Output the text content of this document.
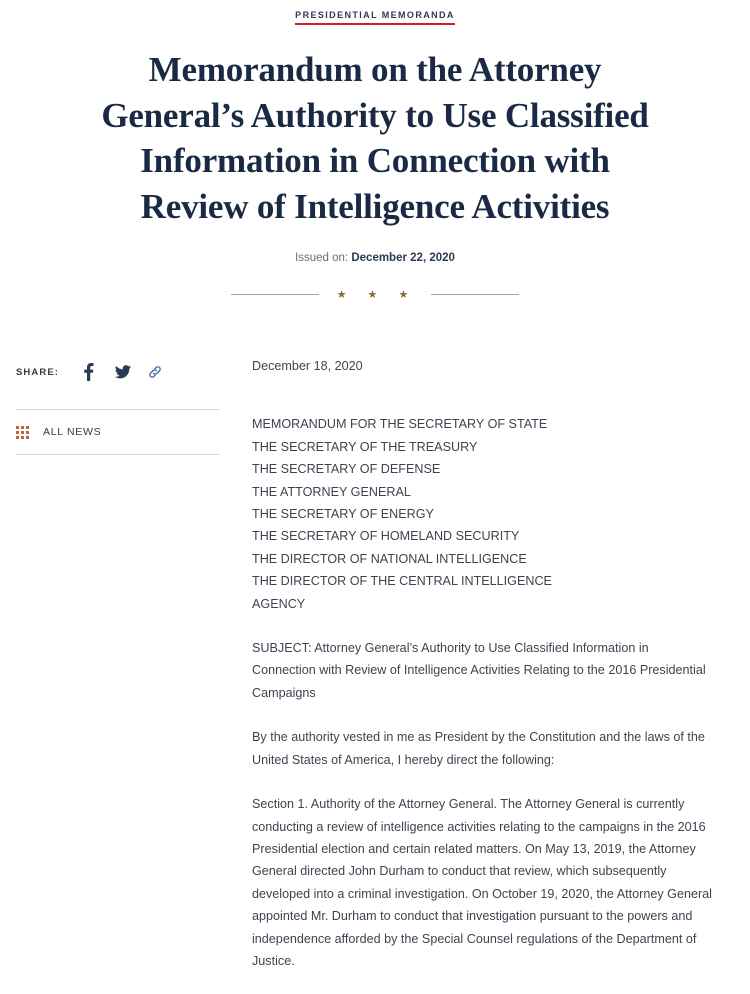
PRESIDENTIAL MEMORANDA
Memorandum on the Attorney General’s Authority to Use Classified Information in Connection with Review of Intelligence Activities
Issued on: December 22, 2020
★ ★ ★
SHARE:
ALL NEWS

December 18, 2020

MEMORANDUM FOR THE SECRETARY OF STATE
THE SECRETARY OF THE TREASURY
THE SECRETARY OF DEFENSE
THE ATTORNEY GENERAL
THE SECRETARY OF ENERGY
THE SECRETARY OF HOMELAND SECURITY
THE DIRECTOR OF NATIONAL INTELLIGENCE
THE DIRECTOR OF THE CENTRAL INTELLIGENCE
AGENCY

SUBJECT: Attorney General’s Authority to Use Classified Information in Connection with Review of Intelligence Activities Relating to the 2016 Presidential Campaigns

By the authority vested in me as President by the Constitution and the laws of the United States of America, I hereby direct the following:

Section 1. Authority of the Attorney General. The Attorney General is currently conducting a review of intelligence activities relating to the campaigns in the 2016 Presidential election and certain related matters. On May 13, 2019, the Attorney General directed John Durham to conduct that review, which subsequently developed into a criminal investigation. On October 19, 2020, the Attorney General appointed Mr. Durham to conduct that investigation pursuant to the powers and independence afforded by the Special Counsel regulations of the Department of Justice.
